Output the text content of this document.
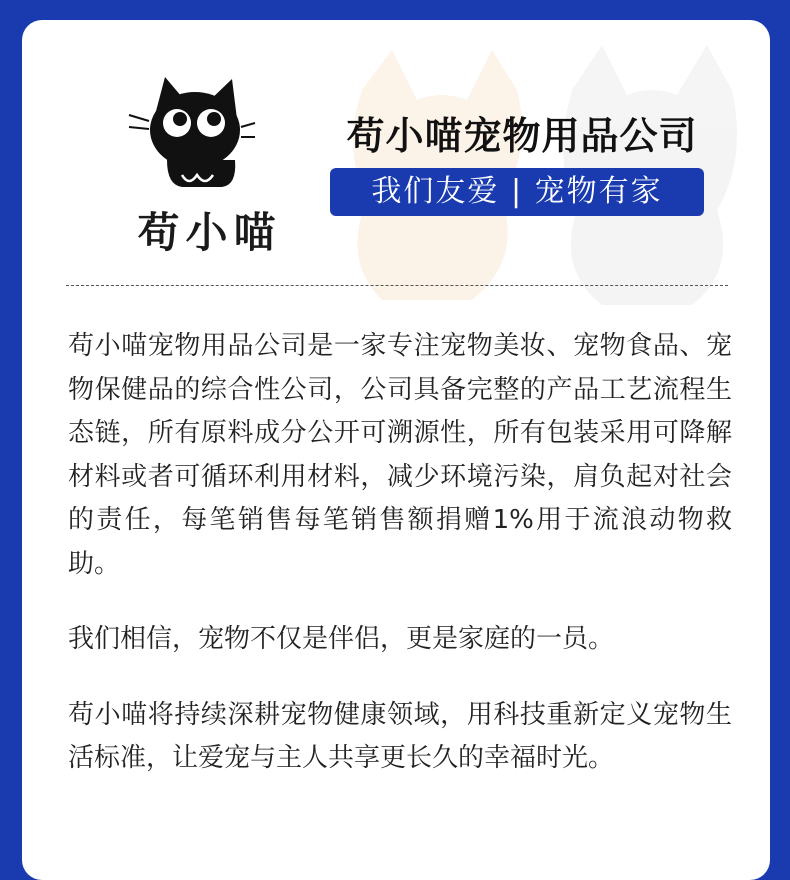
苟小喵
苟小喵宠物用品公司
我们友爱 | 宠物有家

苟小喵宠物用品公司是一家专注宠物美妆、宠物食品、宠物保健品的综合性公司，公司具备完整的产品工艺流程生态链，所有原料成分公开可溯源性，所有包装采用可降解材料或者可循环利用材料，减少环境污染，肩负起对社会的责任，每笔销售每笔销售额捐赠1%用于流浪动物救助。

我们相信，宠物不仅是伴侣，更是家庭的一员。

苟小喵将持续深耕宠物健康领域，用科技重新定义宠物生活标准，让爱宠与主人共享更长久的幸福时光。
